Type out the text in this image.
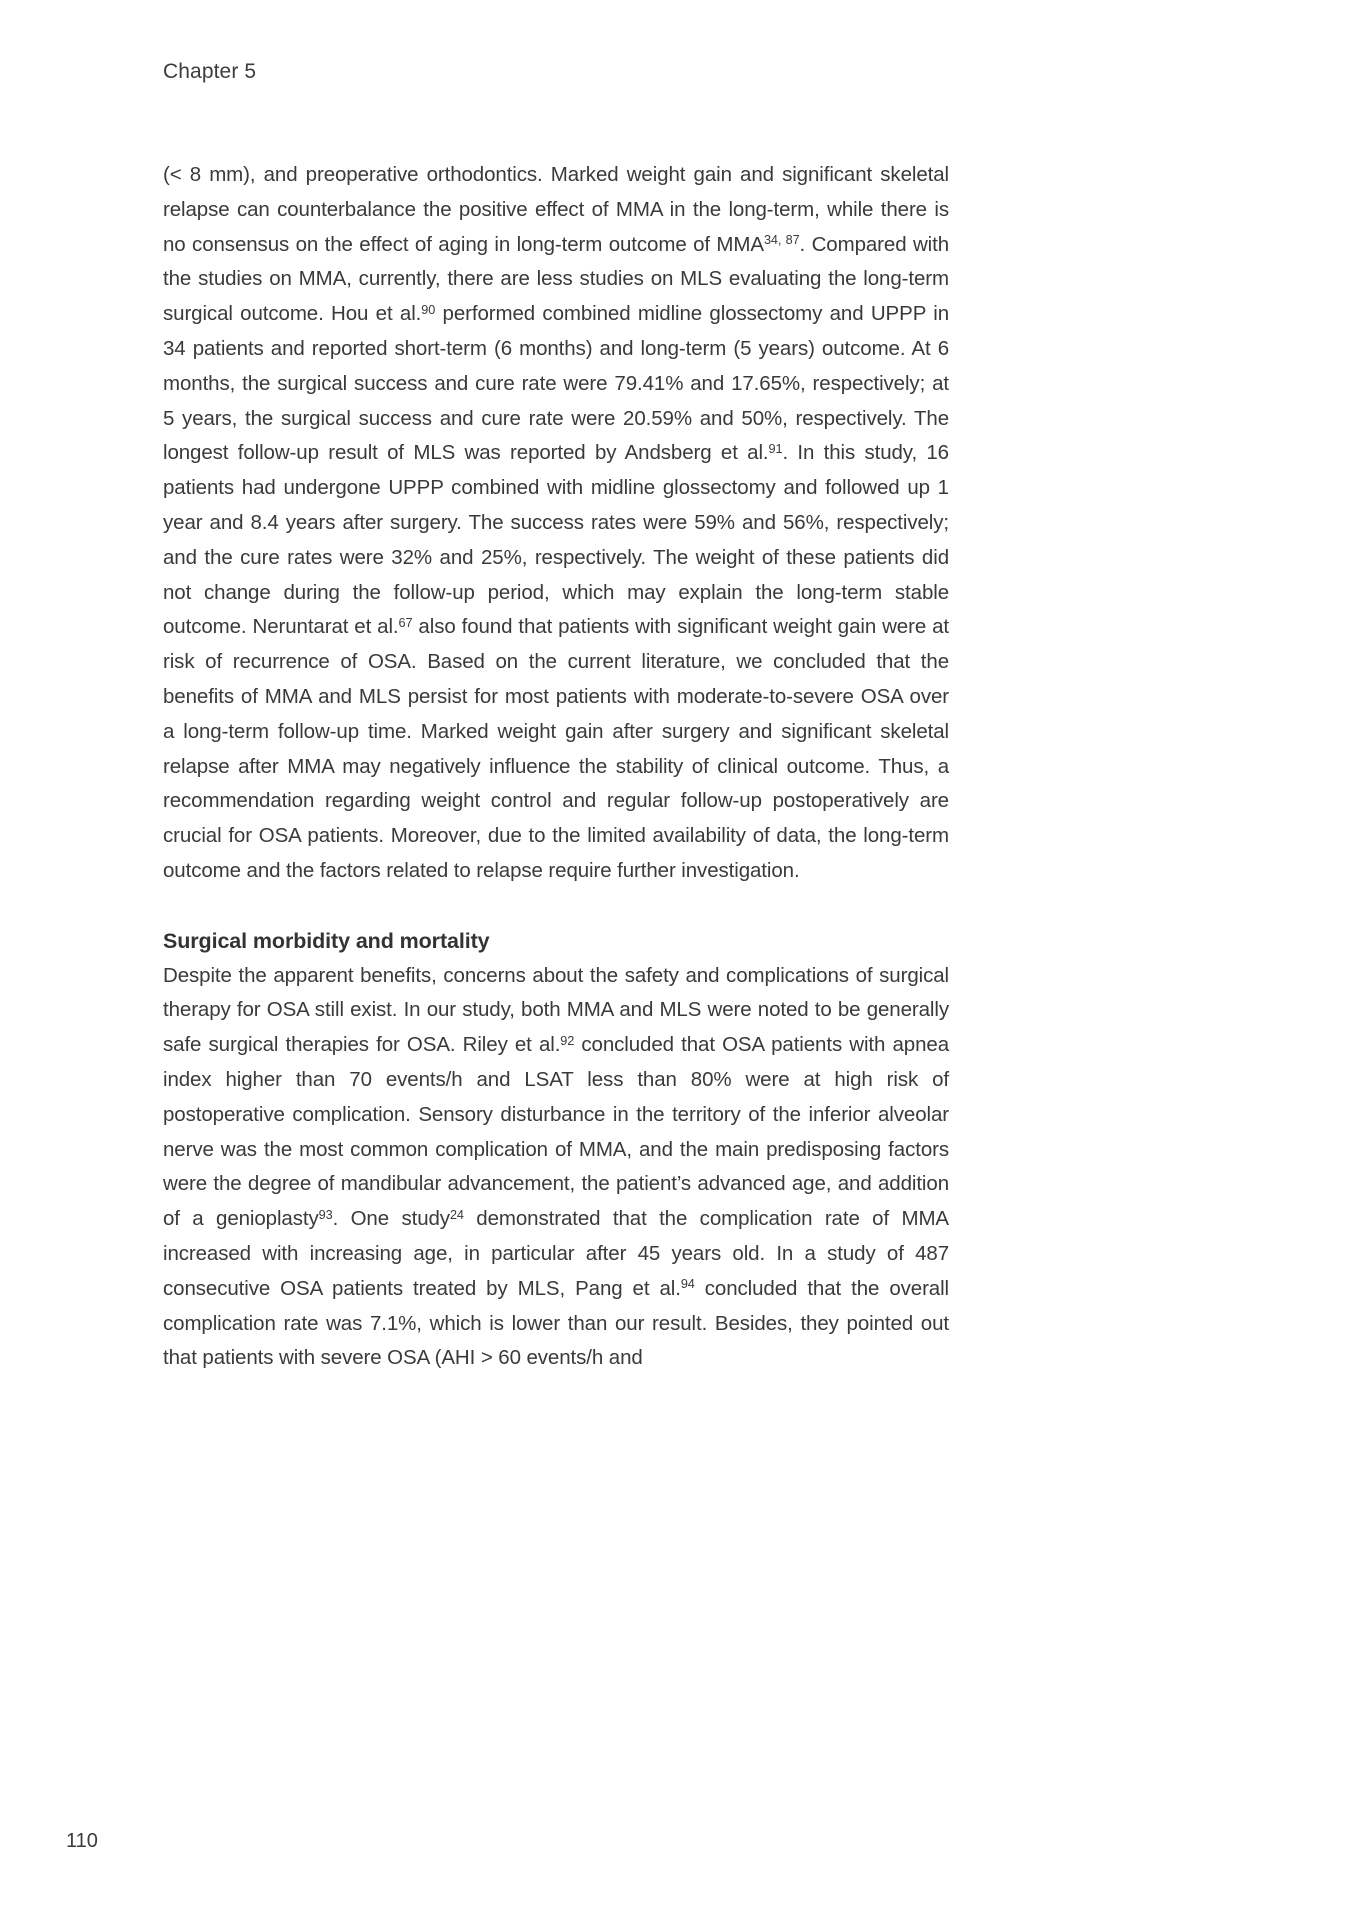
Chapter 5

(< 8 mm), and preoperative orthodontics. Marked weight gain and significant skeletal relapse can counterbalance the positive effect of MMA in the long-term, while there is no consensus on the effect of aging in long-term outcome of MMA$^{34, 87}$. Compared with the studies on MMA, currently, there are less studies on MLS evaluating the long-term surgical outcome. Hou et al.$^{90}$ performed combined midline glossectomy and UPPP in 34 patients and reported short-term (6 months) and long-term (5 years) outcome. At 6 months, the surgical success and cure rate were 79.41% and 17.65%, respectively; at 5 years, the surgical success and cure rate were 20.59% and 50%, respectively. The longest follow-up result of MLS was reported by Andsberg et al.$^{91}$. In this study, 16 patients had undergone UPPP combined with midline glossectomy and followed up 1 year and 8.4 years after surgery. The success rates were 59% and 56%, respectively; and the cure rates were 32% and 25%, respectively. The weight of these patients did not change during the follow-up period, which may explain the long-term stable outcome. Neruntarat et al.$^{67}$ also found that patients with significant weight gain were at risk of recurrence of OSA. Based on the current literature, we concluded that the benefits of MMA and MLS persist for most patients with moderate-to-severe OSA over a long-term follow-up time. Marked weight gain after surgery and significant skeletal relapse after MMA may negatively influence the stability of clinical outcome. Thus, a recommendation regarding weight control and regular follow-up postoperatively are crucial for OSA patients. Moreover, due to the limited availability of data, the long-term outcome and the factors related to relapse require further investigation.

Surgical morbidity and mortality

Despite the apparent benefits, concerns about the safety and complications of surgical therapy for OSA still exist. In our study, both MMA and MLS were noted to be generally safe surgical therapies for OSA. Riley et al.$^{92}$ concluded that OSA patients with apnea index higher than 70 events/h and LSAT less than 80% were at high risk of postoperative complication. Sensory disturbance in the territory of the inferior alveolar nerve was the most common complication of MMA, and the main predisposing factors were the degree of mandibular advancement, the patient’s advanced age, and addition of a genioplasty$^{93}$. One study$^{24}$ demonstrated that the complication rate of MMA increased with increasing age, in particular after 45 years old. In a study of 487 consecutive OSA patients treated by MLS, Pang et al.$^{94}$ concluded that the overall complication rate was 7.1%, which is lower than our result. Besides, they pointed out that patients with severe OSA (AHI > 60 events/h and

110
